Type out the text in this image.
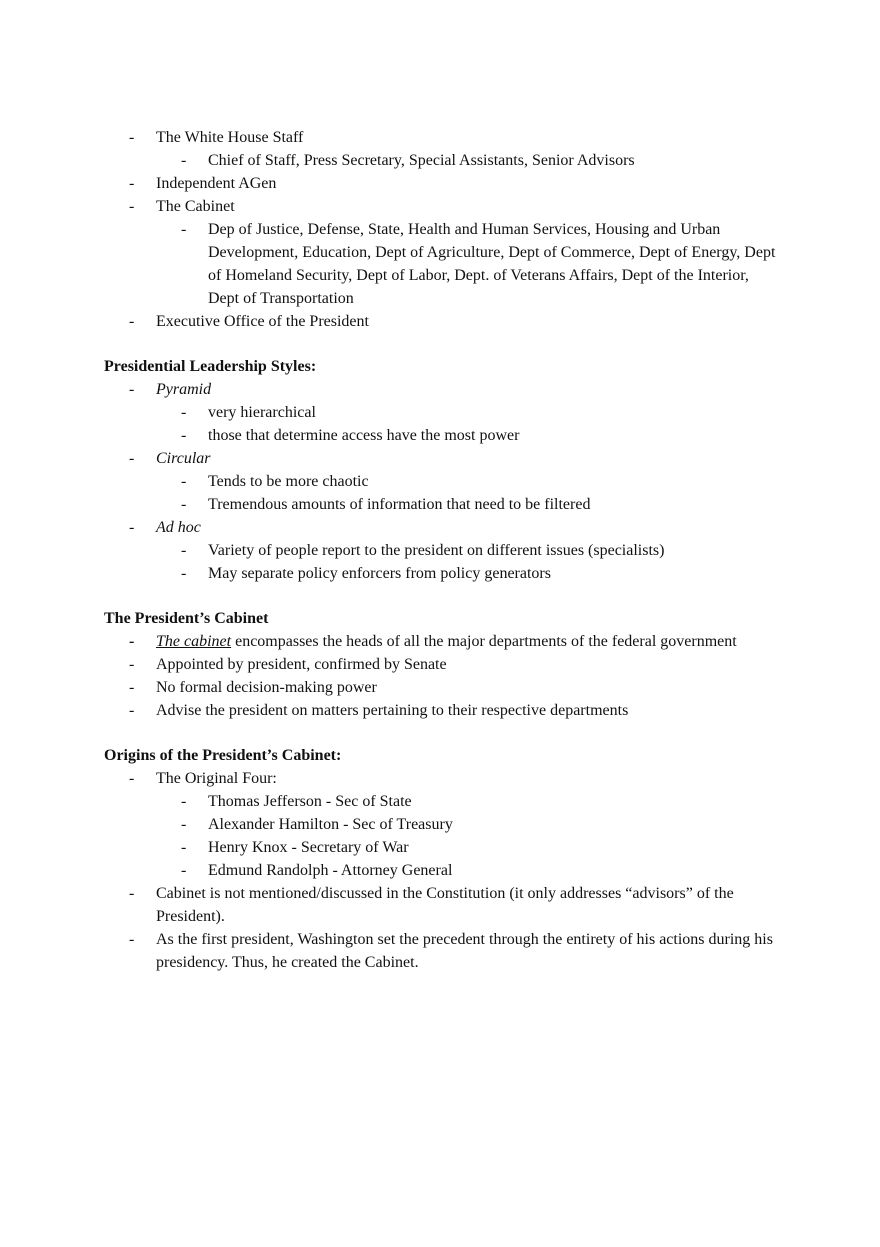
- The White House Staff
- Chief of Staff, Press Secretary, Special Assistants, Senior Advisors
- Independent AGen
- The Cabinet
- Dep of Justice, Defense, State, Health and Human Services, Housing and Urban Development, Education, Dept of Agriculture, Dept of Commerce, Dept of Energy, Dept of Homeland Security, Dept of Labor, Dept. of Veterans Affairs, Dept of the Interior, Dept of Transportation
- Executive Office of the President
Presidential Leadership Styles:
- Pyramid
- very hierarchical
- those that determine access have the most power
- Circular
- Tends to be more chaotic
- Tremendous amounts of information that need to be filtered
- Ad hoc
- Variety of people report to the president on different issues (specialists)
- May separate policy enforcers from policy generators
The President’s Cabinet
- The cabinet encompasses the heads of all the major departments of the federal government
- Appointed by president, confirmed by Senate
- No formal decision-making power
- Advise the president on matters pertaining to their respective departments
Origins of the President’s Cabinet:
- The Original Four:
- Thomas Jefferson - Sec of State
- Alexander Hamilton - Sec of Treasury
- Henry Knox - Secretary of War
- Edmund Randolph - Attorney General
- Cabinet is not mentioned/discussed in the Constitution (it only addresses “advisors” of the President).
- As the first president, Washington set the precedent through the entirety of his actions during his presidency. Thus, he created the Cabinet.
